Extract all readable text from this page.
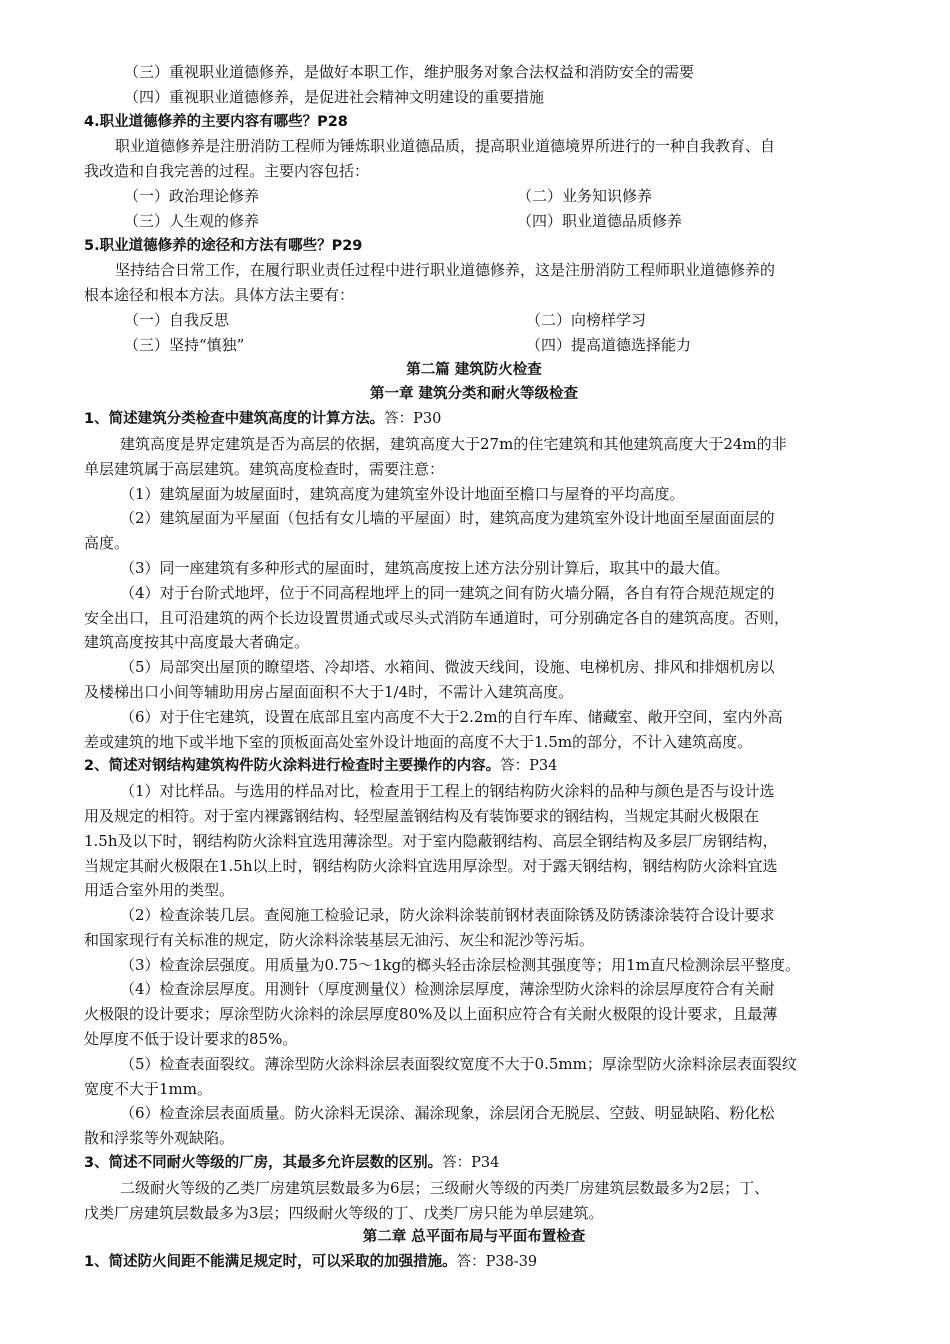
（三）重视职业道德修养，是做好本职工作，维护服务对象合法权益和消防安全的需要
（四）重视职业道德修养，是促进社会精神文明建设的重要措施
4.职业道德修养的主要内容有哪些？P28
职业道德修养是注册消防工程师为锤炼职业道德品质，提高职业道德境界所进行的一种自我教育、自
我改造和自我完善的过程。主要内容包括：
（一）政治理论修养	（二）业务知识修养
（三）人生观的修养	（四）职业道德品质修养
5.职业道德修养的途径和方法有哪些？P29
坚持结合日常工作，在履行职业责任过程中进行职业道德修养，这是注册消防工程师职业道德修养的
根本途径和根本方法。具体方法主要有：
（一）自我反思	（二）向榜样学习
（三）坚持“慎独”	（四）提高道德选择能力
第二篇 建筑防火检查
第一章 建筑分类和耐火等级检查
1、简述建筑分类检查中建筑高度的计算方法。答：P30
建筑高度是界定建筑是否为高层的依据，建筑高度大于27m的住宅建筑和其他建筑高度大于24m的非
单层建筑属于高层建筑。建筑高度检查时，需要注意：
（1）建筑屋面为坡屋面时，建筑高度为建筑室外设计地面至檐口与屋脊的平均高度。
（2）建筑屋面为平屋面（包括有女儿墙的平屋面）时，建筑高度为建筑室外设计地面至屋面面层的
高度。
（3）同一座建筑有多种形式的屋面时，建筑高度按上述方法分别计算后，取其中的最大值。
（4）对于台阶式地坪，位于不同高程地坪上的同一建筑之间有防火墙分隔，各自有符合规范规定的
安全出口，且可沿建筑的两个长边设置贯通式或尽头式消防车通道时，可分别确定各自的建筑高度。否则，
建筑高度按其中高度最大者确定。
（5）局部突出屋顶的瞭望塔、冷却塔、水箱间、微波天线间，设施、电梯机房、排风和排烟机房以
及楼梯出口小间等辅助用房占屋面面积不大于1/4时，不需计入建筑高度。
（6）对于住宅建筑，设置在底部且室内高度不大于2.2m的自行车库、储藏室、敞开空间，室内外高
差或建筑的地下或半地下室的顶板面高处室外设计地面的高度不大于1.5m的部分，不计入建筑高度。
2、简述对钢结构建筑构件防火涂料进行检查时主要操作的内容。答：P34
（1）对比样品。与选用的样品对比，检查用于工程上的钢结构防火涂料的品种与颜色是否与设计选
用及规定的相符。对于室内裸露钢结构、轻型屋盖钢结构及有装饰要求的钢结构，当规定其耐火极限在
1.5h及以下时，钢结构防火涂料宜选用薄涂型。对于室内隐蔽钢结构、高层全钢结构及多层厂房钢结构，
当规定其耐火极限在1.5h以上时，钢结构防火涂料宜选用厚涂型。对于露天钢结构，钢结构防火涂料宜选
用适合室外用的类型。
（2）检查涂装几层。查阅施工检验记录，防火涂料涂装前钢材表面除锈及防锈漆涂装符合设计要求
和国家现行有关标准的规定，防火涂料涂装基层无油污、灰尘和泥沙等污垢。
（3）检查涂层强度。用质量为0.75～1kg的榔头轻击涂层检测其强度等；用1m直尺检测涂层平整度。
（4）检查涂层厚度。用测针（厚度测量仪）检测涂层厚度，薄涂型防火涂料的涂层厚度符合有关耐
火极限的设计要求；厚涂型防火涂料的涂层厚度80%及以上面积应符合有关耐火极限的设计要求，且最薄
处厚度不低于设计要求的85%。
（5）检查表面裂纹。薄涂型防火涂料涂层表面裂纹宽度不大于0.5mm；厚涂型防火涂料涂层表面裂纹
宽度不大于1mm。
（6）检查涂层表面质量。防火涂料无误涂、漏涂现象，涂层闭合无脱层、空鼓、明显缺陷、粉化松
散和浮浆等外观缺陷。
3、简述不同耐火等级的厂房，其最多允许层数的区别。答：P34
二级耐火等级的乙类厂房建筑层数最多为6层；三级耐火等级的丙类厂房建筑层数最多为2层；丁、
戊类厂房建筑层数最多为3层；四级耐火等级的丁、戊类厂房只能为单层建筑。
第二章 总平面布局与平面布置检查
1、简述防火间距不能满足规定时，可以采取的加强措施。答：P38-39
